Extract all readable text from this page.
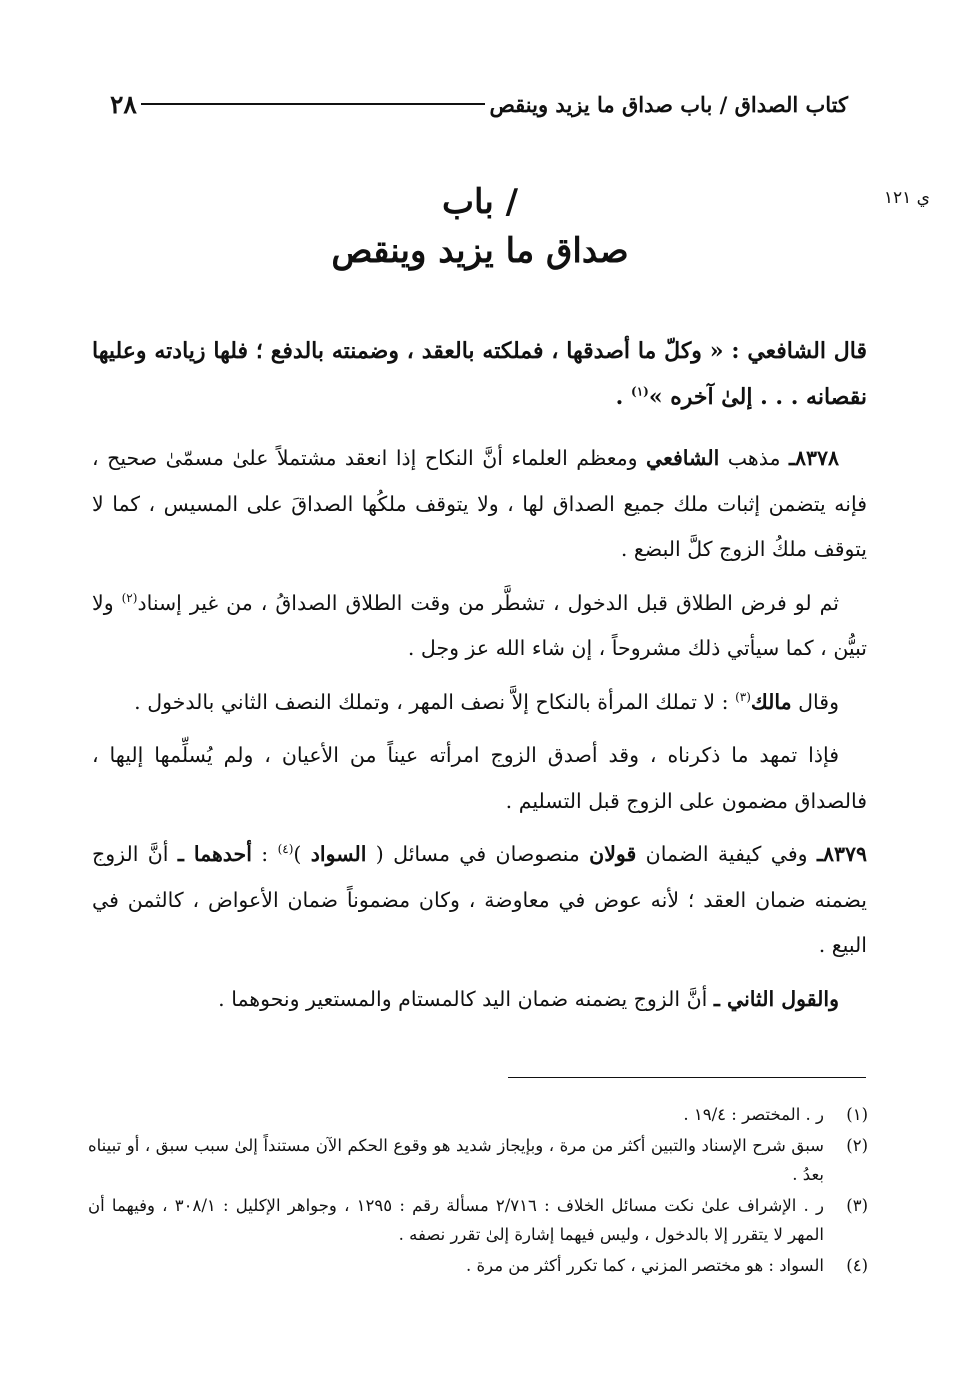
كتاب الصداق / باب صداق ما يزيد وينقص
٢٨
ي ١٢١
/ باب
صداق ما يزيد وينقص
قال الشافعي : « وكلّ ما أصدقها ، فملكته بالعقد ، وضمنته بالدفع ؛ فلها زيادته وعليها نقصانه . . . إلىٰ آخره »$^{(١)}$ .

٨٣٧٨ـ مذهب الشافعي ومعظم العلماء أنَّ النكاح إذا انعقد مشتملاً علىٰ مسمّىٰ صحيح ، فإنه يتضمن إثبات ملك جميع الصداق لها ، ولا يتوقف ملكُها الصداقَ على المسيس ، كما لا يتوقف ملكُ الزوج كلَّ البضع .

ثم لو فرض الطلاق قبل الدخول ، تشطَّر من وقت الطلاق الصداقُ ، من غير إسناد$^{(٢)}$ ولا تبيُّن ، كما سيأتي ذلك مشروحاً ، إن شاء الله عز وجل .

وقال مالك$^{(٣)}$ : لا تملك المرأة بالنكاح إلاَّ نصف المهر ، وتملك النصف الثاني بالدخول .

فإذا تمهد ما ذكرناه ، وقد أصدق الزوج امرأته عيناً من الأعيان ، ولم يُسلِّمها إليها ، فالصداق مضمون على الزوج قبل التسليم .

٨٣٧٩ـ وفي كيفية الضمان قولان منصوصان في مسائل ( السواد )$^{(٤)}$ : أحدهما ـ أنَّ الزوج يضمنه ضمان العقد ؛ لأنه عوض في معاوضة ، وكان مضموناً ضمان الأعواض ، كالثمن في البيع .

والقول الثاني ـ أنَّ الزوج يضمنه ضمان اليد كالمستام والمستعير ونحوهما .

(١)
ر . المختصر : ١٩/٤ .
(٢)
سبق شرح الإسناد والتبين أكثر من مرة ، وبإيجاز شديد هو وقوع الحكم الآن مستنداً إلىٰ سبب سبق ، أو تبيناه بعدُ .
(٣)
ر . الإشراف علىٰ نكت مسائل الخلاف : ٢/٧١٦ مسألة رقم : ١٢٩٥ ، وجواهر الإكليل : ٣٠٨/١ ، وفيهما أن المهر لا يتقرر إلا بالدخول ، وليس فيهما إشارة إلىٰ تقرر نصفه .
(٤)
السواد : هو مختصر المزني ، كما تكرر أكثر من مرة .
